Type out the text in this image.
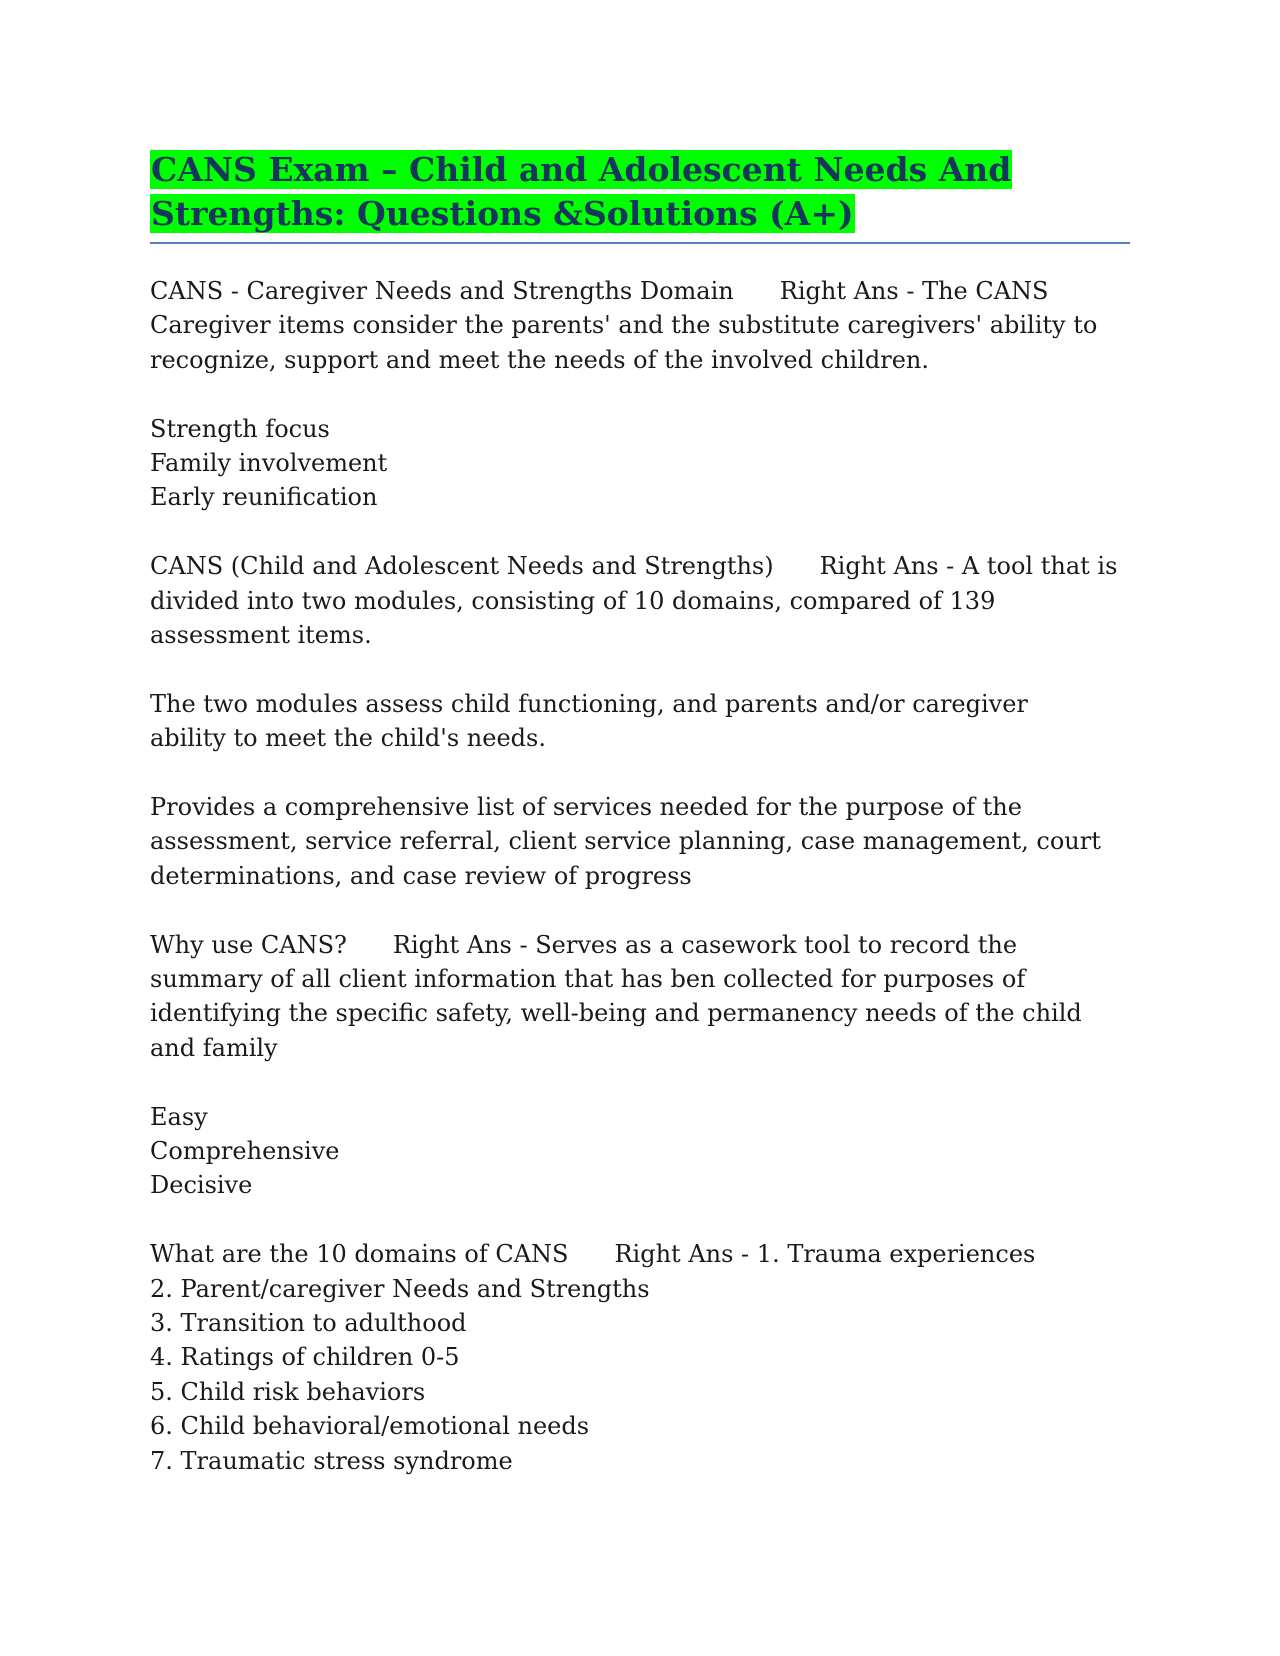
CANS Exam – Child and Adolescent Needs And
Strengths: Questions &Solutions (A+)
CANS - Caregiver Needs and Strengths Domain Right Ans - The CANS
Caregiver items consider the parents' and the substitute caregivers' ability to
recognize, support and meet the needs of the involved children.
Strength focus
Family involvement
Early reunification
CANS (Child and Adolescent Needs and Strengths) Right Ans - A tool that is
divided into two modules, consisting of 10 domains, compared of 139
assessment items.
The two modules assess child functioning, and parents and/or caregiver
ability to meet the child's needs.
Provides a comprehensive list of services needed for the purpose of the
assessment, service referral, client service planning, case management, court
determinations, and case review of progress
Why use CANS? Right Ans - Serves as a casework tool to record the
summary of all client information that has ben collected for purposes of
identifying the specific safety, well-being and permanency needs of the child
and family
Easy
Comprehensive
Decisive
What are the 10 domains of CANS Right Ans - 1. Trauma experiences
2. Parent/caregiver Needs and Strengths
3. Transition to adulthood
4. Ratings of children 0-5
5. Child risk behaviors
6. Child behavioral/emotional needs
7. Traumatic stress syndrome
